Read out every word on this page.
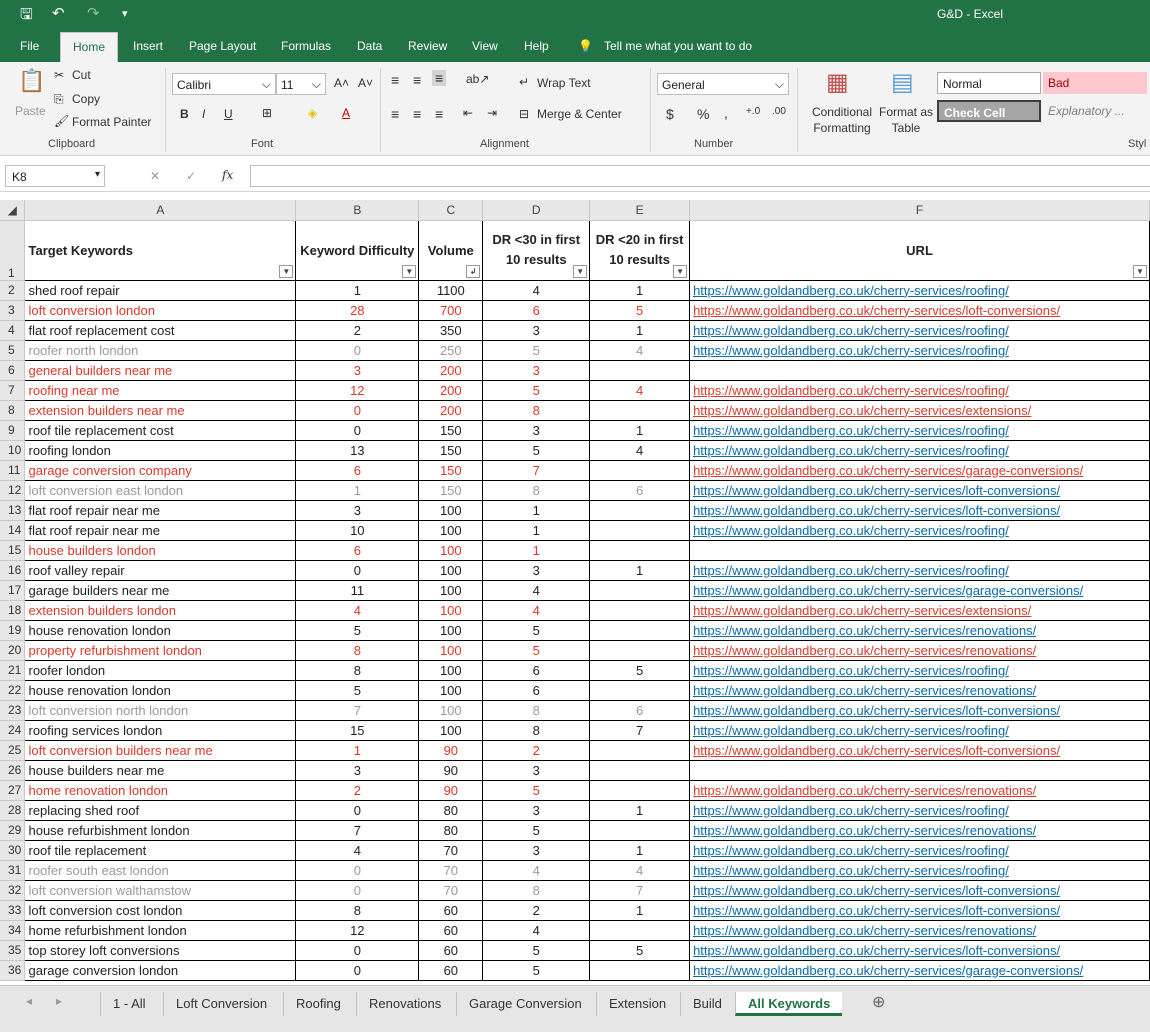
🖫 ↶ ↷ ▾	G&D - Excel
File	Home	Insert Page Layout Formulas Data Review View Help 💡 Tell me what you want to do
📋
Paste
✂ Cut
⎘ Copy
🖌 Format Painter
Clipboard
Calibri	⌵ 11 ⌵ A˄ A˅
B I U ⊞	◈ A
Font
≡ ≡ ≡ ab↗
≡ ≡ ≡ ⇤ ⇥
↵ Wrap Text
⊟ Merge & Center
Alignment
General	⌵
$ % , +.0 .00
Number
▦
Conditional Formatting
▤
Format as Table
Normal	Bad
Check Cell	Explanatory ...
Styl
K8	▾	✕ ✓ fx
◢	A	B	C	D	E	F
1	Target Keywords
▼	Keyword Difficulty
▼	Volume
↲	DR <30 in first 10 results
▼	DR <20 in first 10 results
▼	URL
▼

2	shed roof repair	1	1100	4	1	https://www.goldandberg.co.uk/cherry-services/roofing/
3	loft conversion london	28	700	6	5	https://www.goldandberg.co.uk/cherry-services/loft-conversions/
4	flat roof replacement cost	2	350	3	1	https://www.goldandberg.co.uk/cherry-services/roofing/
5	roofer north london	0	250	5	4	https://www.goldandberg.co.uk/cherry-services/roofing/
6	general builders near me	3	200	3		
7	roofing near me	12	200	5	4	https://www.goldandberg.co.uk/cherry-services/roofing/
8	extension builders near me	0	200	8		https://www.goldandberg.co.uk/cherry-services/extensions/
9	roof tile replacement cost	0	150	3	1	https://www.goldandberg.co.uk/cherry-services/roofing/
10	roofing london	13	150	5	4	https://www.goldandberg.co.uk/cherry-services/roofing/
11	garage conversion company	6	150	7		https://www.goldandberg.co.uk/cherry-services/garage-conversions/
12	loft conversion east london	1	150	8	6	https://www.goldandberg.co.uk/cherry-services/loft-conversions/
13	flat roof repair near me	3	100	1		https://www.goldandberg.co.uk/cherry-services/loft-conversions/
14	flat roof repair near me	10	100	1		https://www.goldandberg.co.uk/cherry-services/roofing/
15	house builders london	6	100	1		
16	roof valley repair	0	100	3	1	https://www.goldandberg.co.uk/cherry-services/roofing/
17	garage builders near me	11	100	4		https://www.goldandberg.co.uk/cherry-services/garage-conversions/
18	extension builders london	4	100	4		https://www.goldandberg.co.uk/cherry-services/extensions/
19	house renovation london	5	100	5		https://www.goldandberg.co.uk/cherry-services/renovations/
20	property refurbishment london	8	100	5		https://www.goldandberg.co.uk/cherry-services/renovations/
21	roofer london	8	100	6	5	https://www.goldandberg.co.uk/cherry-services/roofing/
22	house renovation london	5	100	6		https://www.goldandberg.co.uk/cherry-services/renovations/
23	loft conversion north london	7	100	8	6	https://www.goldandberg.co.uk/cherry-services/loft-conversions/
24	roofing services london	15	100	8	7	https://www.goldandberg.co.uk/cherry-services/roofing/
25	loft conversion builders near me	1	90	2		https://www.goldandberg.co.uk/cherry-services/loft-conversions/
26	house builders near me	3	90	3		
27	home renovation london	2	90	5		https://www.goldandberg.co.uk/cherry-services/renovations/
28	replacing shed roof	0	80	3	1	https://www.goldandberg.co.uk/cherry-services/roofing/
29	house refurbishment london	7	80	5		https://www.goldandberg.co.uk/cherry-services/renovations/
30	roof tile replacement	4	70	3	1	https://www.goldandberg.co.uk/cherry-services/roofing/
31	roofer south east london	0	70	4	4	https://www.goldandberg.co.uk/cherry-services/roofing/
32	loft conversion walthamstow	0	70	8	7	https://www.goldandberg.co.uk/cherry-services/loft-conversions/
33	loft conversion cost london	8	60	2	1	https://www.goldandberg.co.uk/cherry-services/loft-conversions/
34	home refurbishment london	12	60	4		https://www.goldandberg.co.uk/cherry-services/renovations/
35	top storey loft conversions	0	60	5	5	https://www.goldandberg.co.uk/cherry-services/loft-conversions/
36	garage conversion london	0	60	5		https://www.goldandberg.co.uk/cherry-services/garage-conversions/
◂ ▸	1 - All	Loft Conversion	Roofing	Renovations	Garage Conversion	Extension	Build	All Keywords	⊕
